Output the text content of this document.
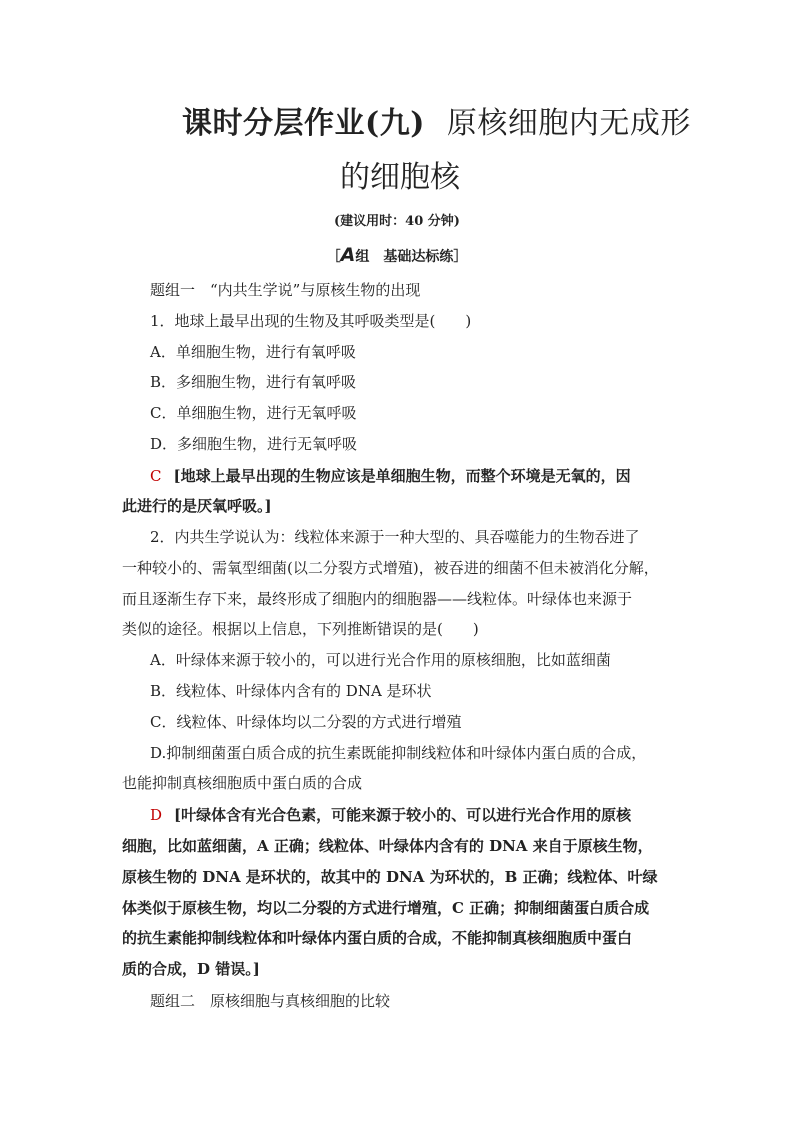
课时分层作业(九) 原核细胞内无成形
的细胞核
(建议用时：40 分钟)
［A组　基础达标练］
题组一　“内共生学说”与原核生物的出现
1．地球上最早出现的生物及其呼吸类型是(　　)
A．单细胞生物，进行有氧呼吸
B．多细胞生物，进行有氧呼吸
C．单细胞生物，进行无氧呼吸
D．多细胞生物，进行无氧呼吸
C [地球上最早出现的生物应该是单细胞生物，而整个环境是无氧的，因
此进行的是厌氧呼吸。]
2．内共生学说认为：线粒体来源于一种大型的、具吞噬能力的生物吞进了
一种较小的、需氧型细菌(以二分裂方式增殖)，被吞进的细菌不但未被消化分解，
而且逐渐生存下来，最终形成了细胞内的细胞器——线粒体。叶绿体也来源于
类似的途径。根据以上信息，下列推断错误的是(　　)
A．叶绿体来源于较小的，可以进行光合作用的原核细胞，比如蓝细菌
B．线粒体、叶绿体内含有的 DNA 是环状
C．线粒体、叶绿体均以二分裂的方式进行增殖
D.抑制细菌蛋白质合成的抗生素既能抑制线粒体和叶绿体内蛋白质的合成，
也能抑制真核细胞质中蛋白质的合成
D [叶绿体含有光合色素，可能来源于较小的、可以进行光合作用的原核
细胞，比如蓝细菌，A 正确；线粒体、叶绿体内含有的 DNA 来自于原核生物，
原核生物的 DNA 是环状的，故其中的 DNA 为环状的，B 正确；线粒体、叶绿
体类似于原核生物，均以二分裂的方式进行增殖，C 正确；抑制细菌蛋白质合成
的抗生素能抑制线粒体和叶绿体内蛋白质的合成，不能抑制真核细胞质中蛋白
质的合成，D 错误。]
题组二　原核细胞与真核细胞的比较
